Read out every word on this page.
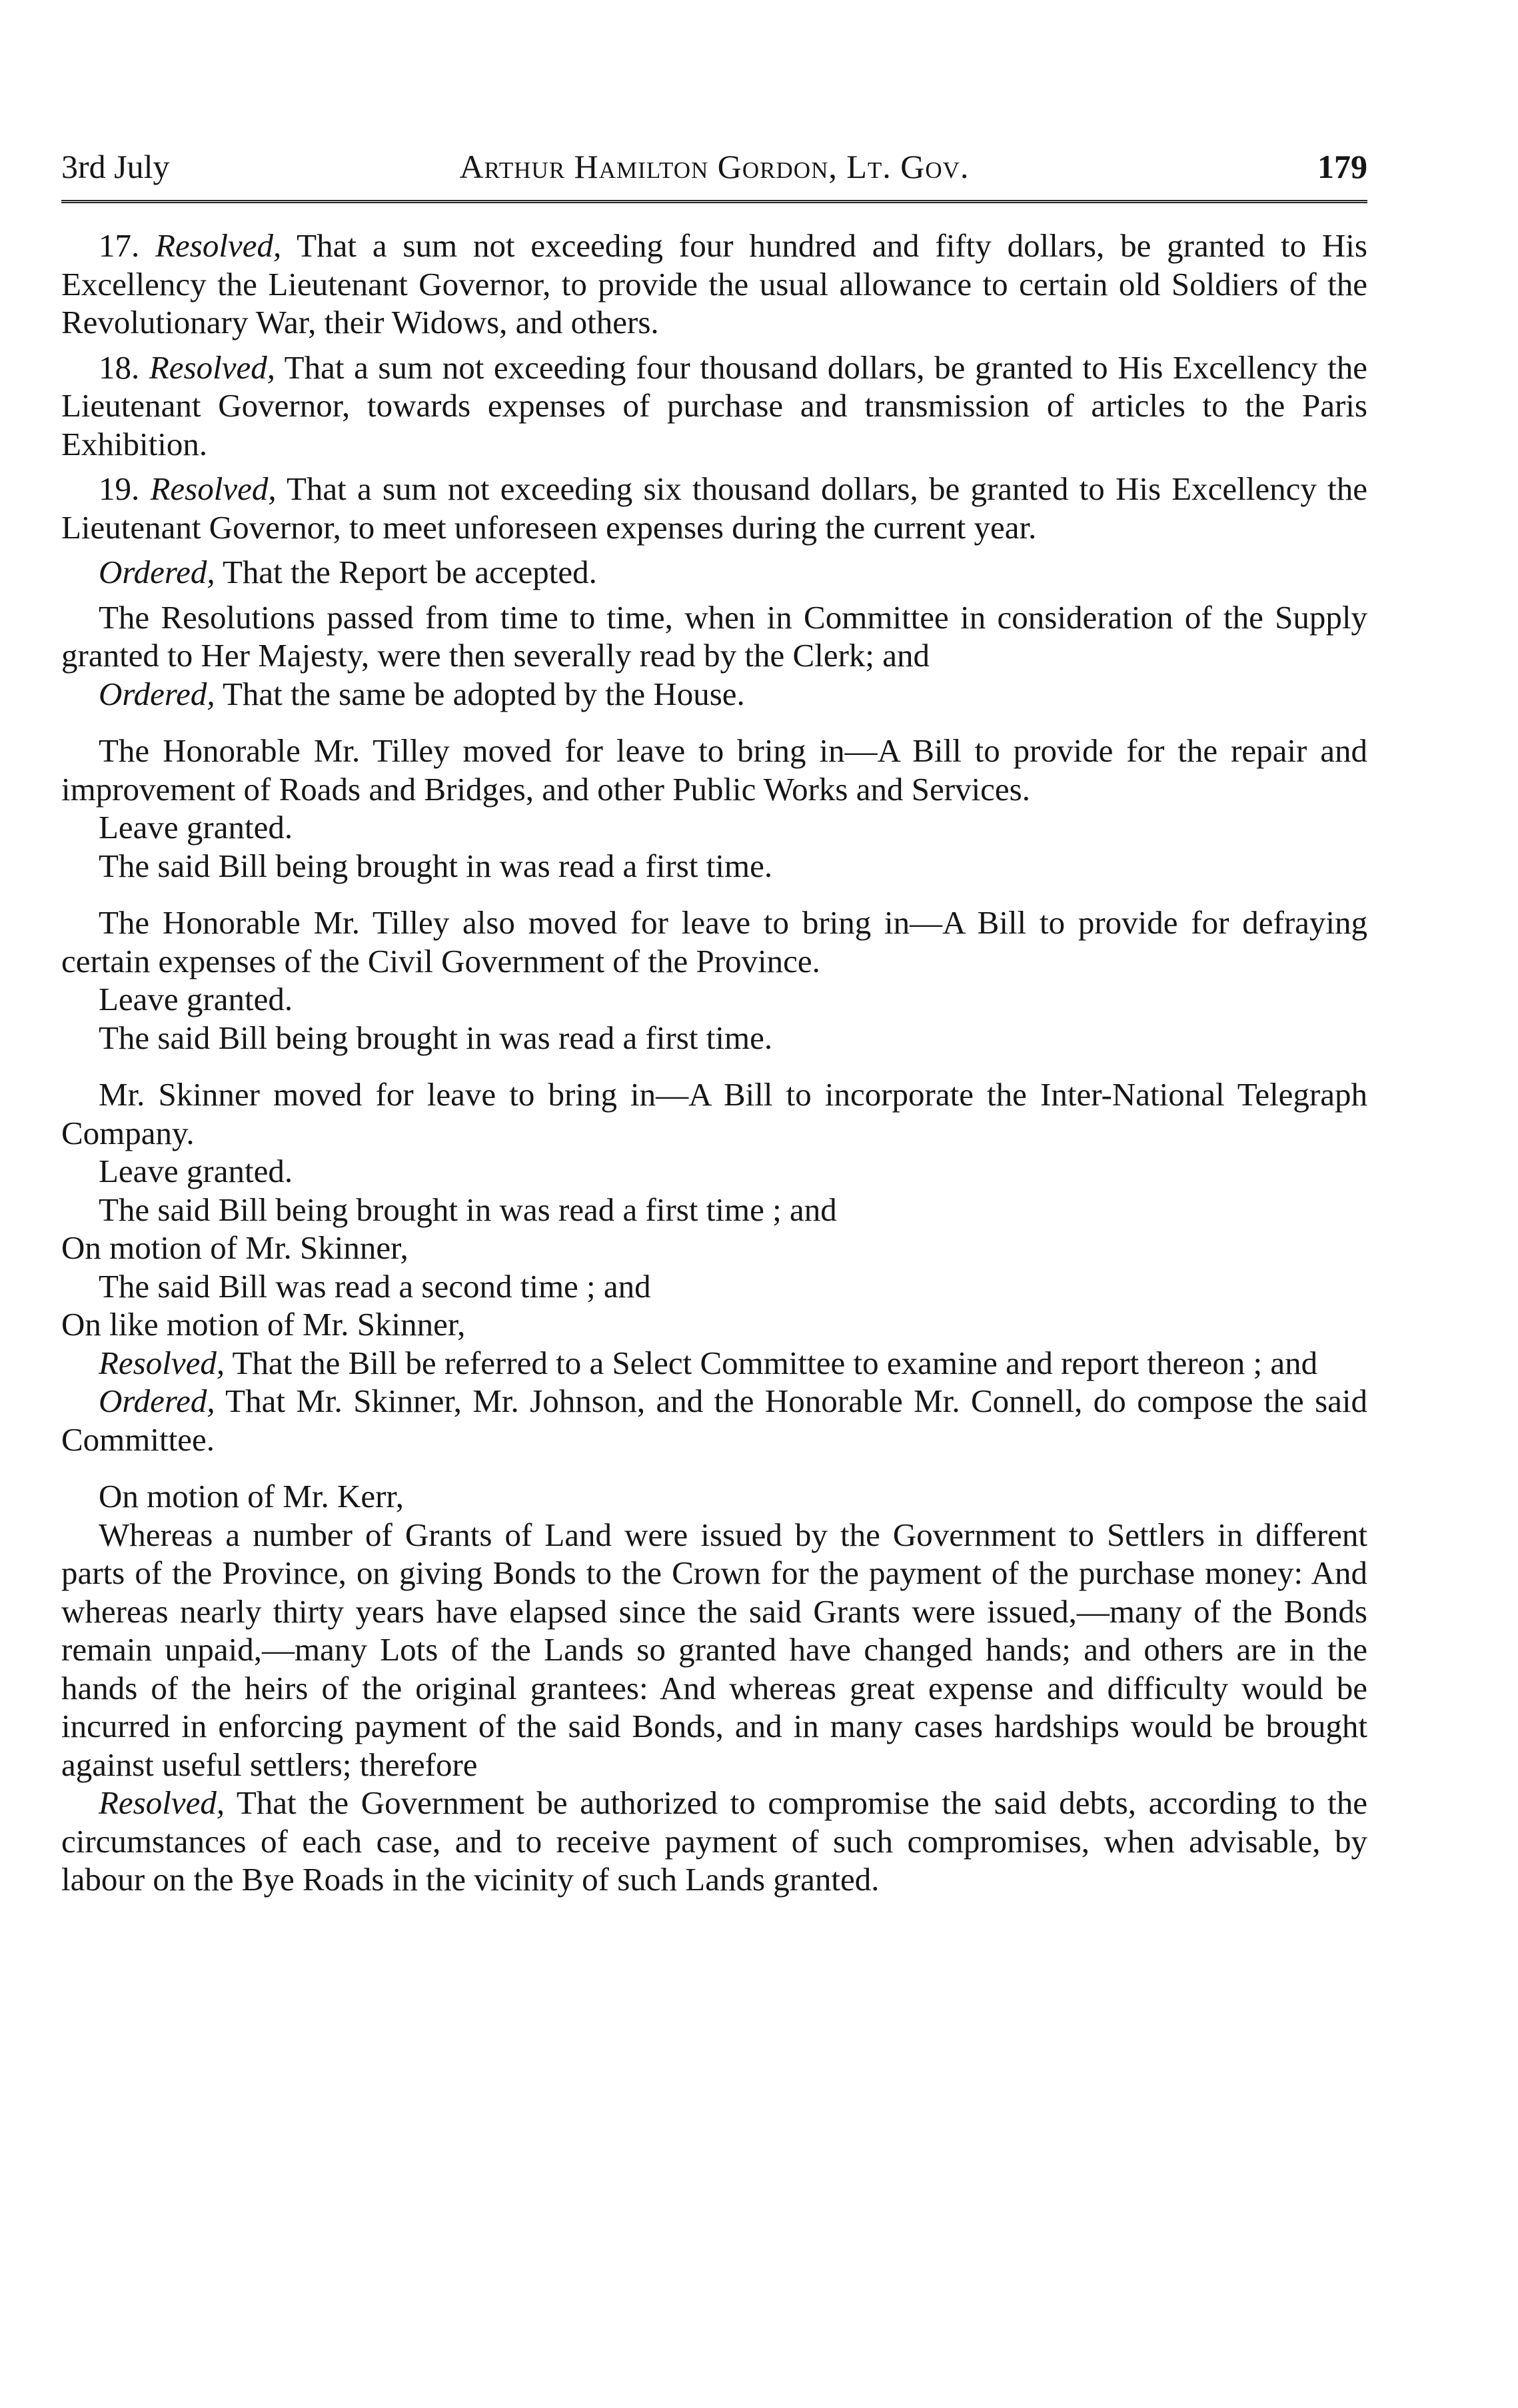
3rd July	Arthur Hamilton Gordon, Lt. Gov.	179

17. Resolved, That a sum not exceeding four hundred and fifty dollars, be granted to His Excellency the Lieutenant Governor, to provide the usual allowance to certain old Soldiers of the Revolutionary War, their Widows, and others.

18. Resolved, That a sum not exceeding four thousand dollars, be granted to His Excellency the Lieutenant Governor, towards expenses of purchase and transmission of articles to the Paris Exhibition.

19. Resolved, That a sum not exceeding six thousand dollars, be granted to His Excellency the Lieutenant Governor, to meet unforeseen expenses during the current year.

Ordered, That the Report be accepted.

The Resolutions passed from time to time, when in Committee in consideration of the Supply granted to Her Majesty, were then severally read by the Clerk; and

Ordered, That the same be adopted by the House.

The Honorable Mr. Tilley moved for leave to bring in—A Bill to provide for the repair and improvement of Roads and Bridges, and other Public Works and Services.

Leave granted.

The said Bill being brought in was read a first time.

The Honorable Mr. Tilley also moved for leave to bring in—A Bill to provide for defraying certain expenses of the Civil Government of the Province.

Leave granted.

The said Bill being brought in was read a first time.

Mr. Skinner moved for leave to bring in—A Bill to incorporate the Inter-National Telegraph Company.

Leave granted.

The said Bill being brought in was read a first time ; and

On motion of Mr. Skinner,

The said Bill was read a second time ; and

On like motion of Mr. Skinner,

Resolved, That the Bill be referred to a Select Committee to examine and report thereon ; and

Ordered, That Mr. Skinner, Mr. Johnson, and the Honorable Mr. Connell, do compose the said Committee.

On motion of Mr. Kerr,

Whereas a number of Grants of Land were issued by the Government to Settlers in different parts of the Province, on giving Bonds to the Crown for the payment of the purchase money: And whereas nearly thirty years have elapsed since the said Grants were issued,—many of the Bonds remain unpaid,—many Lots of the Lands so granted have changed hands; and others are in the hands of the heirs of the original grantees: And whereas great expense and difficulty would be incurred in enforcing payment of the said Bonds, and in many cases hardships would be brought against useful settlers; therefore

Resolved, That the Government be authorized to compromise the said debts, according to the circumstances of each case, and to receive payment of such compromises, when advisable, by labour on the Bye Roads in the vicinity of such Lands granted.
